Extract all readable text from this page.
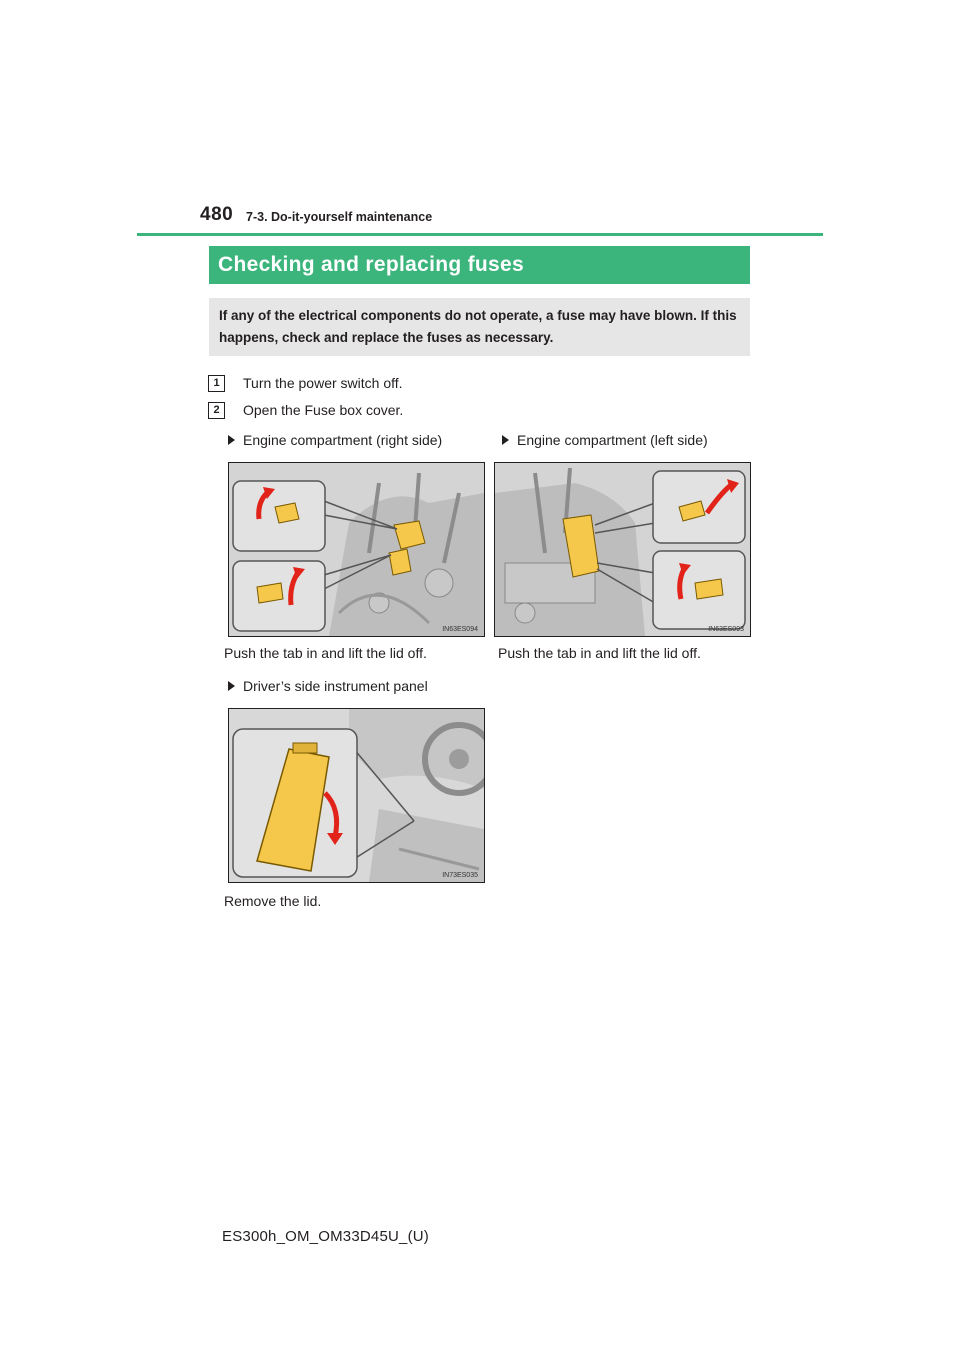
480 7-3. Do-it-yourself maintenance
Checking and replacing fuses
If any of the electrical components do not operate, a fuse may have blown. If this happens, check and replace the fuses as necessary.
1	Turn the power switch off.
2	Open the Fuse box cover.
Engine compartment (right side)	Engine compartment (left side)
IN63ES094	IN63ES093
Push the tab in and lift the lid off.	Push the tab in and lift the lid off.
Driver’s side instrument panel
IN73ES035
Remove the lid.
ES300h_OM_OM33D45U_(U)
